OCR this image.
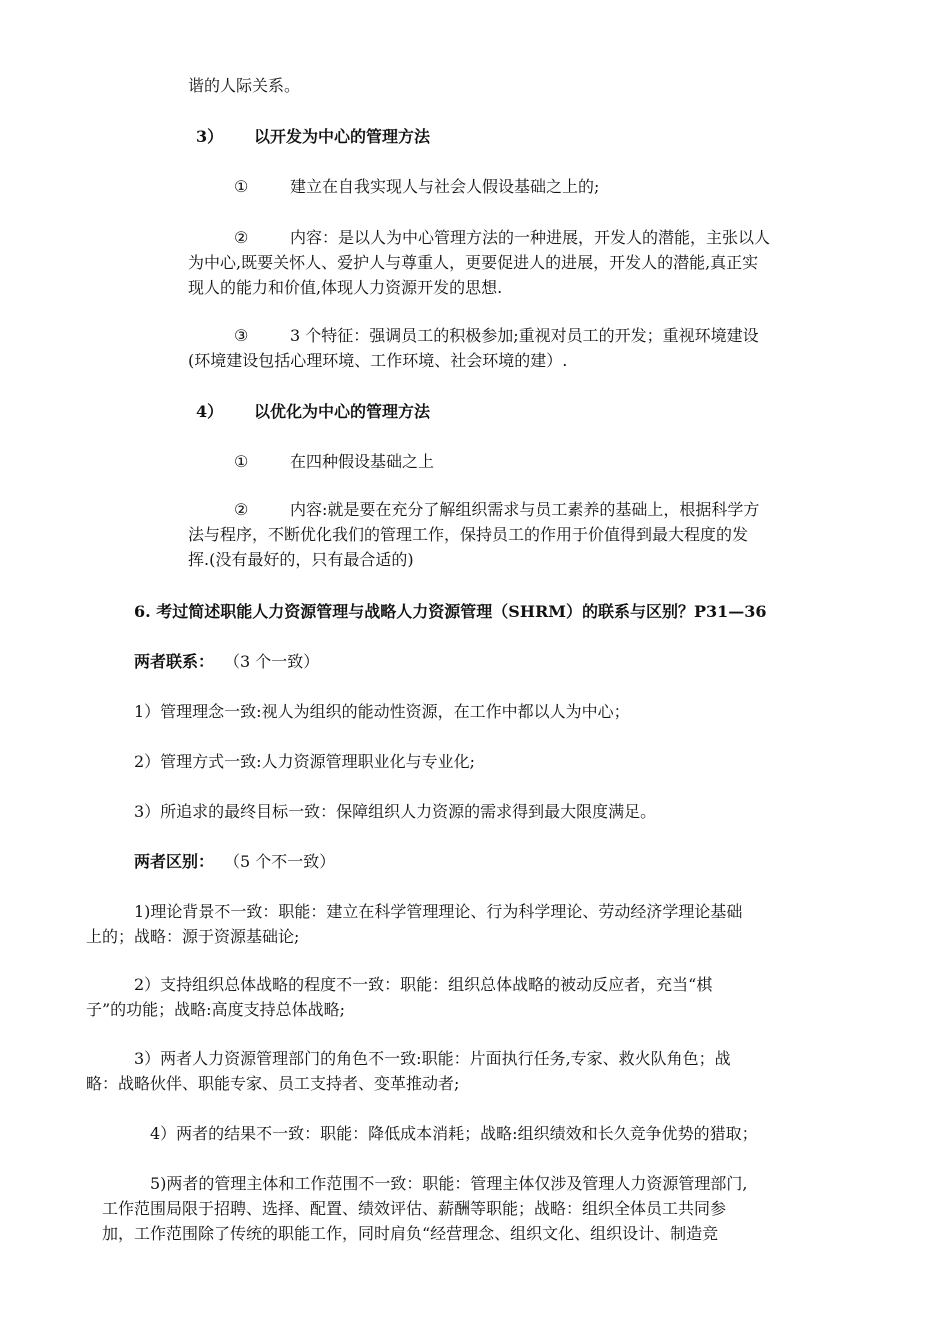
谐的人际关系。
3） 以开发为中心的管理方法
①	建立在自我实现人与社会人假设基础之上的;
②	内容：是以人为中心管理方法的一种进展，开发人的潜能，主张以人
为中心,既要关怀人、爱护人与尊重人，更要促进人的进展，开发人的潜能,真正实
现人的能力和价值,体现人力资源开发的思想.
③	3 个特征：强调员工的积极参加;重视对员工的开发；重视环境建设
(环境建设包括心理环境、工作环境、社会环境的建）.
4） 以优化为中心的管理方法
①	在四种假设基础之上
②	内容:就是要在充分了解组织需求与员工素养的基础上，根据科学方
法与程序，不断优化我们的管理工作，保持员工的作用于价值得到最大程度的发
挥.(没有最好的，只有最合适的)
6. 考过简述职能人力资源管理与战略人力资源管理（SHRM）的联系与区别？P31—36
两者联系： （3 个一致）
1）管理理念一致:视人为组织的能动性资源，在工作中都以人为中心；
2）管理方式一致:人力资源管理职业化与专业化;
3）所追求的最终目标一致：保障组织人力资源的需求得到最大限度满足。
两者区别： （5 个不一致）
1)理论背景不一致：职能：建立在科学管理理论、行为科学理论、劳动经济学理论基础
上的；战略：源于资源基础论;
2）支持组织总体战略的程度不一致：职能：组织总体战略的被动反应者，充当“棋
子”的功能；战略:高度支持总体战略;
3）两者人力资源管理部门的角色不一致:职能：片面执行任务,专家、救火队角色；战
略：战略伙伴、职能专家、员工支持者、变革推动者;
4）两者的结果不一致：职能：降低成本消耗；战略:组织绩效和长久竞争优势的猎取；
5)两者的管理主体和工作范围不一致：职能：管理主体仅涉及管理人力资源管理部门,
工作范围局限于招聘、选择、配置、绩效评估、薪酬等职能；战略：组织全体员工共同参
加，工作范围除了传统的职能工作，同时肩负“经营理念、组织文化、组织设计、制造竞
